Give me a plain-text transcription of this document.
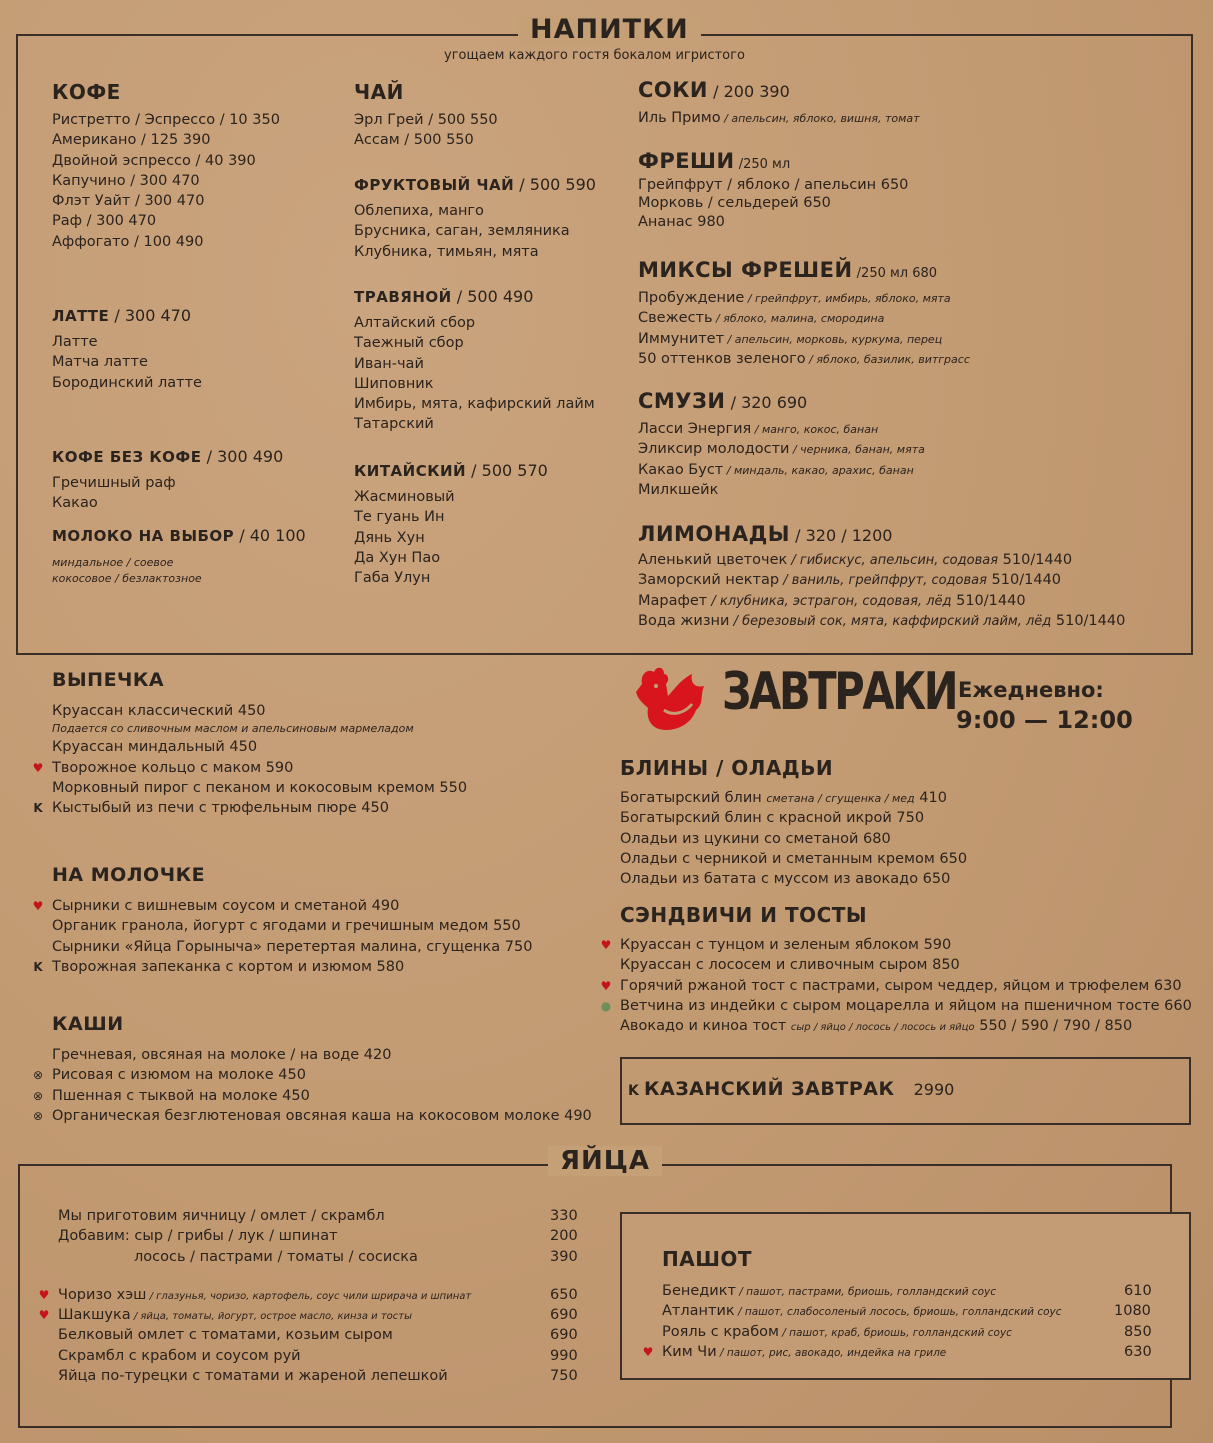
НАПИТКИ
угощаем каждого гостя бокалом игристого
КОФЕ
Ристретто / Эспрессо / 10 350
Американо / 125 390
Двойной эспрессо / 40 390
Капучино / 300 470
Флэт Уайт / 300 470
Раф / 300 470
Аффогато / 100 490
ЛАТТЕ / 300 470
Латте
Матча латте
Бородинский латте
КОФЕ БЕЗ КОФЕ / 300 490
Гречишный раф
Какао
МОЛОКО НА ВЫБОР / 40 100
миндальное / соевое
кокосовое / безлактозное
ЧАЙ
Эрл Грей / 500 550
Ассам / 500 550
ФРУКТОВЫЙ ЧАЙ / 500 590
Облепиха, манго
Брусника, саган, земляника
Клубника, тимьян, мята
ТРАВЯНОЙ / 500 490
Алтайский сбор
Таежный сбор
Иван-чай
Шиповник
Имбирь, мята, кафирский лайм
Татарский
КИТАЙСКИЙ / 500 570
Жасминовый
Те гуань Ин
Дянь Хун
Да Хун Пао
Габа Улун
СОКИ / 200 390
Иль Примо / апельсин, яблоко, вишня, томат
ФРЕШИ /250 мл
Грейпфрут / яблоко / апельсин 650
Морковь / сельдерей 650
Ананас 980
МИКСЫ ФРЕШЕЙ /250 мл 680
Пробуждение / грейпфрут, имбирь, яблоко, мята
Свежесть / яблоко, малина, смородина
Иммунитет / апельсин, морковь, куркума, перец
50 оттенков зеленого / яблоко, базилик, витграсс
СМУЗИ / 320 690
Ласси Энергия / манго, кокос, банан
Эликсир молодости / черника, банан, мята
Какао Буст / миндаль, какао, арахис, банан
Милкшейк
ЛИМОНАДЫ / 320 / 1200
Аленький цветочек / гибискус, апельсин, содовая 510/1440
Заморский нектар / ваниль, грейпфрут, содовая 510/1440
Марафет / клубника, эстрагон, содовая, лёд 510/1440
Вода жизни / березовый сок, мята, каффирский лайм, лёд 510/1440
ВЫПЕЧКА
Круассан классический 450
Подается со сливочным маслом и апельсиновым мармеладом
Круассан миндальный 450
♥ Творожное кольцо с маком 590
Морковный пирог с пеканом и кокосовым кремом 550
K Кыстыбый из печи с трюфельным пюре 450
НА МОЛОЧКЕ
♥ Сырники с вишневым соусом и сметаной 490
Органик гранола, йогурт с ягодами и гречишным медом 550
Сырники «Яйца Горыныча» перетертая малина, сгущенка 750
K Творожная запеканка с кортом и изюмом 580
КАШИ
Гречневая, овсяная на молоке / на воде 420
⊗ Рисовая с изюмом на молоке 450
⊗ Пшенная с тыквой на молоке 450
⊗ Органическая безглютеновая овсяная каша на кокосовом молоке 490
ЗАВТРАКИ Ежедневно:
9:00 — 12:00
БЛИНЫ / ОЛАДЬИ
Богатырский блин сметана / сгущенка / мед 410
Богатырский блин с красной икрой 750
Оладьи из цукини со сметаной 680
Оладьи с черникой и сметанным кремом 650
Оладьи из батата с муссом из авокадо 650
СЭНДВИЧИ И ТОСТЫ
♥ Круассан с тунцом и зеленым яблоком 590
Круассан с лососем и сливочным сыром 850
♥ Горячий ржаной тост с пастрами, сыром чеддер, яйцом и трюфелем 630
● Ветчина из индейки с сыром моцарелла и яйцом на пшеничном тосте 660
Авокадо и киноа тост сыр / яйцо / лосось / лосось и яйцо 550 / 590 / 790 / 850
K КАЗАНСКИЙ ЗАВТРАК 2990
ЯЙЦА
Мы приготовим яичницу / омлет / скрамбл	330
Добавим: сыр / грибы / лук / шпинат	200
лосось / пастрами / томаты / сосиска	390
♥ Чоризо хэш / глазунья, чоризо, картофель, соус чили шрирача и шпинат	650
♥ Шакшука / яйца, томаты, йогурт, острое масло, кинза и тосты	690
Белковый омлет с томатами, козьим сыром	690
Скрамбл с крабом и соусом руй	990
Яйца по-турецки с томатами и жареной лепешкой	750
ПАШОТ
Бенедикт / пашот, пастрами, бриошь, голландский соус	610
Атлантик / пашот, слабосоленый лосось, бриошь, голландский соус	1080
Рояль с крабом / пашот, краб, бриошь, голландский соус	850
♥ Ким Чи / пашот, рис, авокадо, индейка на грилe	630
